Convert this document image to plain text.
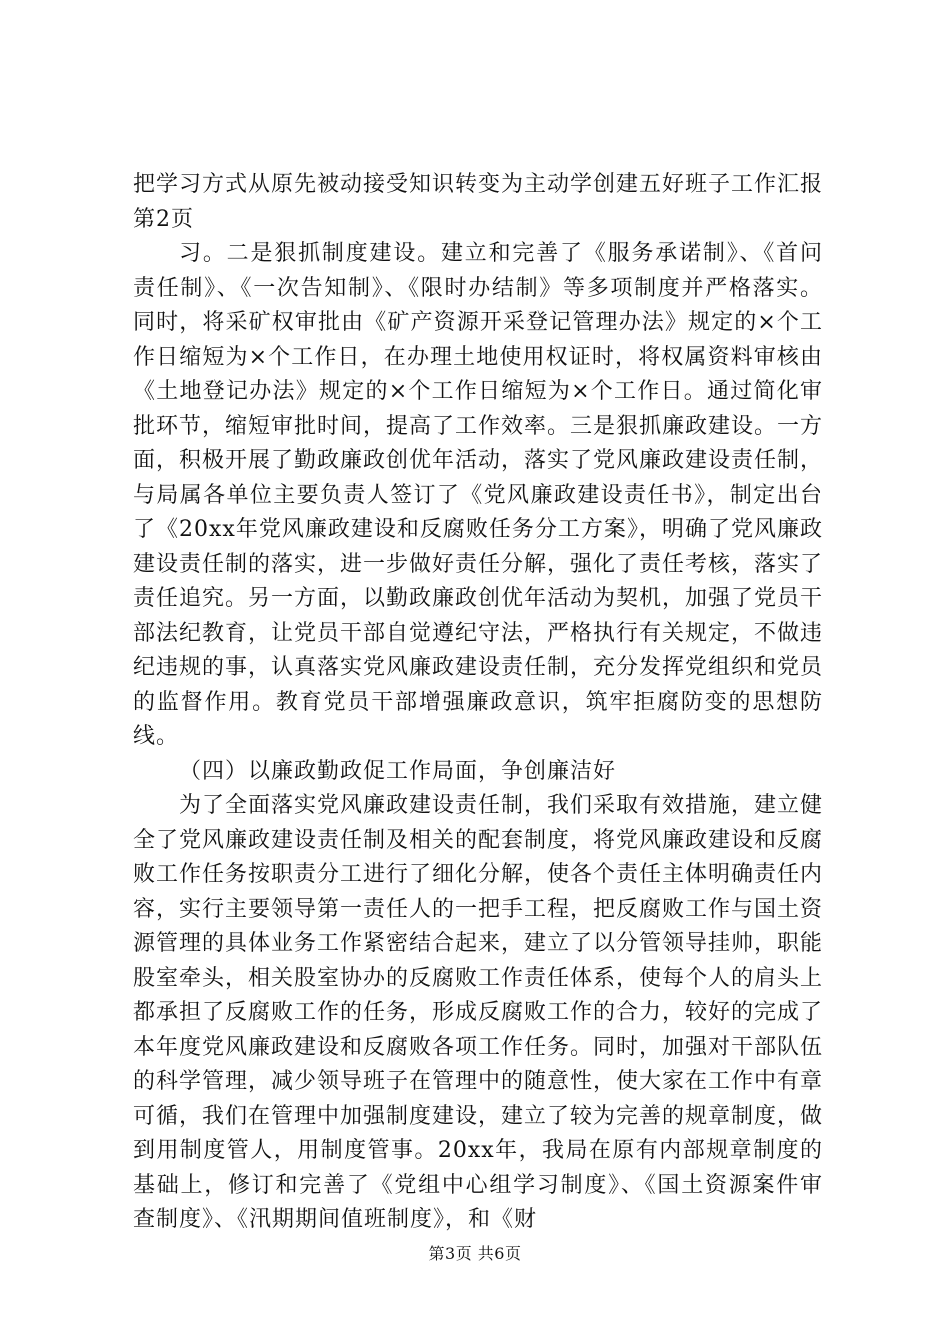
把学习方式从原先被动接受知识转变为主动学创建五好班子工作汇报第2页

习。二是狠抓制度建设。建立和完善了《服务承诺制》、《首问责任制》、《一次告知制》、《限时办结制》等多项制度并严格落实。同时，将采矿权审批由《矿产资源开采登记管理办法》规定的×个工作日缩短为×个工作日，在办理土地使用权证时，将权属资料审核由《土地登记办法》规定的×个工作日缩短为×个工作日。通过简化审批环节，缩短审批时间，提高了工作效率。三是狠抓廉政建设。一方面，积极开展了勤政廉政创优年活动，落实了党风廉政建设责任制，与局属各单位主要负责人签订了《党风廉政建设责任书》，制定出台了《20xx年党风廉政建设和反腐败任务分工方案》，明确了党风廉政建设责任制的落实，进一步做好责任分解，强化了责任考核，落实了责任追究。另一方面，以勤政廉政创优年活动为契机，加强了党员干部法纪教育，让党员干部自觉遵纪守法，严格执行有关规定，不做违纪违规的事，认真落实党风廉政建设责任制，充分发挥党组织和党员的监督作用。教育党员干部增强廉政意识，筑牢拒腐防变的思想防线。

（四）以廉政勤政促工作局面，争创廉洁好

为了全面落实党风廉政建设责任制，我们采取有效措施，建立健全了党风廉政建设责任制及相关的配套制度，将党风廉政建设和反腐败工作任务按职责分工进行了细化分解，使各个责任主体明确责任内容，实行主要领导第一责任人的一把手工程，把反腐败工作与国土资源管理的具体业务工作紧密结合起来，建立了以分管领导挂帅，职能股室牵头，相关股室协办的反腐败工作责任体系，使每个人的肩头上都承担了反腐败工作的任务，形成反腐败工作的合力，较好的完成了本年度党风廉政建设和反腐败各项工作任务。同时，加强对干部队伍的科学管理，减少领导班子在管理中的随意性，使大家在工作中有章可循，我们在管理中加强制度建设，建立了较为完善的规章制度，做到用制度管人，用制度管事。20xx年，我局在原有内部规章制度的基础上，修订和完善了《党组中心组学习制度》、《国土资源案件审查制度》、《汛期期间值班制度》，和《财

第3页 共6页
